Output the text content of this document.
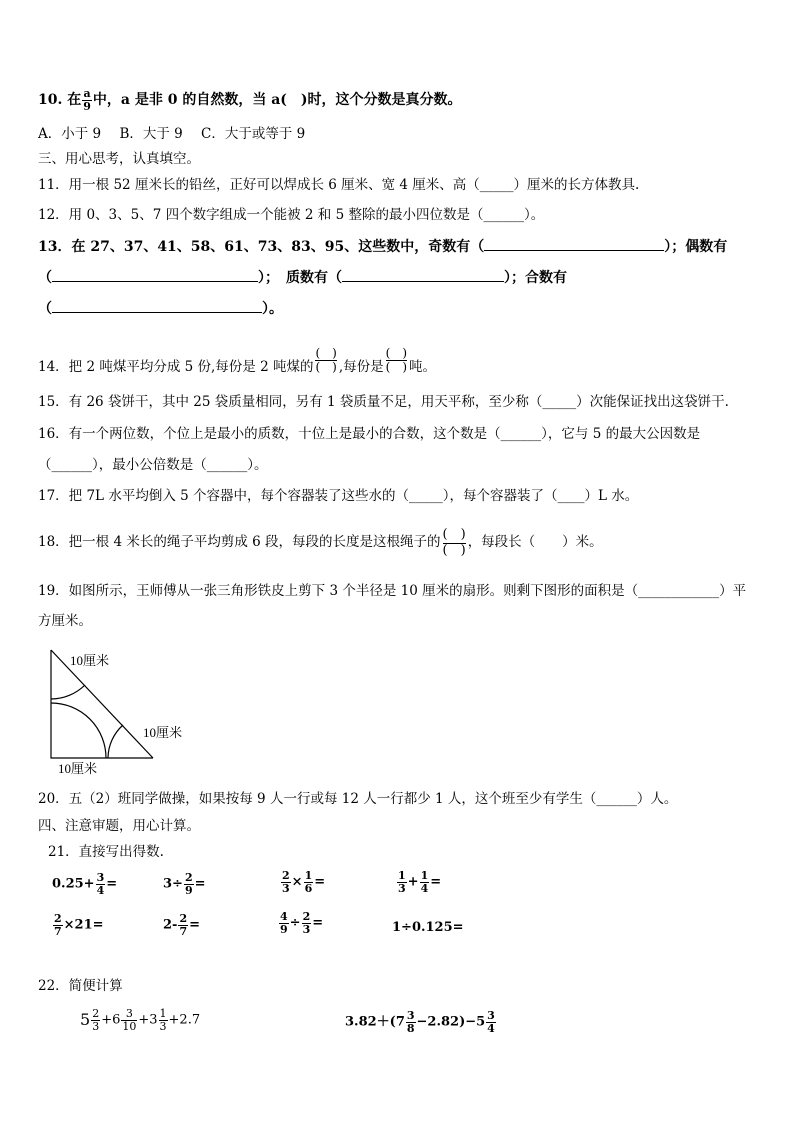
10. 在 $\frac{a}{9}$ 中，a 是非 0 的自然数，当 a(　)时，这个分数是真分数。
A．小于 9 B．大于 9 C．大于或等于 9
三、用心思考，认真填空。
11．用一根 52 厘米长的铅丝，正好可以焊成长 6 厘米、宽 4 厘米、高（_____）厘米的长方体教具.
12．用 0、3、5、7 四个数字组成一个能被 2 和 5 整除的最小四位数是（______）。
13．在 27、37、41、58、61、73、83、95、这些数中，奇数有（	）；偶数有
（	）；　质数有（	）；合数有
（	）。
14．把 2 吨煤平均分成 5 份,每份是 2 吨煤的 $\frac{( )}{( )}$ ,每份是 $\frac{( )}{( )}$ 吨。
15．有 26 袋饼干，其中 25 袋质量相同，另有 1 袋质量不足，用天平称，至少称（_____）次能保证找出这袋饼干.
16．有一个两位数，个位上是最小的质数，十位上是最小的合数，这个数是（______），它与 5 的最大公因数是
（______），最小公倍数是（______）。
17．把 7L 水平均倒入 5 个容器中，每个容器装了这些水的（_____），每个容器装了（____）L 水。
18．把一根 4 米长的绳子平均剪成 6 段，每段的长度是这根绳子的 $\frac{( )}{( )}$ ，每段长（　　）米。
19．如图所示，王师傅从一张三角形铁皮上剪下 3 个半径是 10 厘米的扇形。则剩下图形的面积是（____________）平
方厘米。
10厘米
10厘米
10厘米
20．五（2）班同学做操，如果按每 9 人一行或每 12 人一行都少 1 人，这个班至少有学生（______）人。
四、注意审题，用心计算。
21．直接写出得数.
$0.25+ \frac{3}{4}$ =	$3\div \frac{2}{9}$ =	$\frac{2}{3} \times \frac{1}{6}$ =	$\frac{1}{3} + \frac{1}{4}$ =
$\frac{2}{7} \times 21=$	$2- \frac{2}{7}$ =	$\frac{4}{9} \div \frac{2}{3}$ =	1÷0.125=
22．简便计算
$5 \frac{2}{3} +6 \frac{3}{10} +3 \frac{1}{3} +2.7$	$3.82+(7 \frac{3}{8} -2.82)-5 \frac{3}{4}$
